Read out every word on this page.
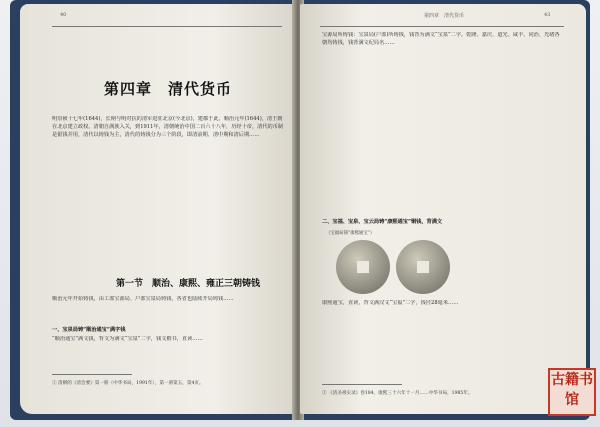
40
第四章　清代货币
明崇祯十七年(1644)，长期与明对抗的清军进驻北京(今北京)，建都于此，顺治元年(1644)，清王朝在北京建立政权。清朝自满族入关，到1911年，清朝统治中国二百六十八年，历经十帝，清代的币制是银钱并用，清代以铸钱为主，清代的铸钱分为三个阶段，即清前期、清中期和清后期……
第一节　顺治、康熙、雍正三朝铸钱
顺治元年开始铸钱，由工部宝源局、户部宝泉局铸钱，各省也陆续开局铸钱……
一、宝泉局铸“顺治通宝”满字钱
“顺治通宝”满文钱，背文为满文“宝泉”二字，钱文楷书，直读……
① 清朝的《清会要》第一册（中华书局，1991年），第一册第五，第4页。
第四章　清代货币	43
宝源局所铸钱：宝泉局(户部)所铸钱，钱背为满文“宝泉”二字。乾隆、嘉庆、道光、咸丰、同治、光绪各朝均铸钱，钱背满文纪局名……
二、宝福、宝泉、宝云局铸“康熙通宝”铜钱，背满文
（宝福局铸“康熙通宝”）
康熙通宝，直读，背文满汉文“宝福”二字，钱径28毫米……
① 《清圣祖实录》卷184，康熙三十六年十一月……中华书局，1985年。
古籍书馆
